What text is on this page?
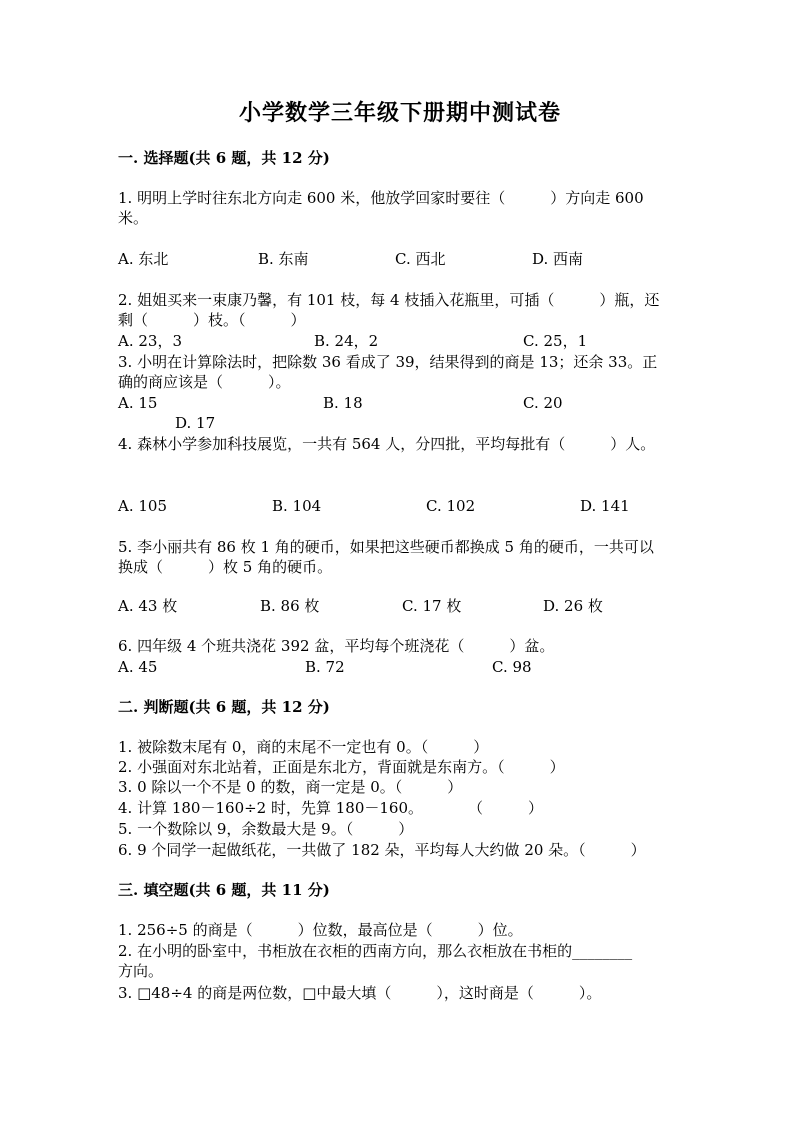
小学数学三年级下册期中测试卷

一. 选择题(共 6 题，共 12 分)

1. 明明上学时往东北方向走 600 米，他放学回家时要往（　　　）方向走 600

米。

A. 东北	B. 东南	C. 西北	D. 西南

2. 姐姐买来一束康乃馨，有 101 枝，每 4 枝插入花瓶里，可插（　　　）瓶，还

剩（　　　）枝。（　　　）

A. 23，3	B. 24，2	C. 25，1

3. 小明在计算除法时，把除数 36 看成了 39，结果得到的商是 13；还余 33。正

确的商应该是（　　　）。

A. 15	B. 18	C. 20
D. 17

4. 森林小学参加科技展览，一共有 564 人，分四批，平均每批有（　　　）人。

A. 105	B. 104	C. 102	D. 141

5. 李小丽共有 86 枚 1 角的硬币，如果把这些硬币都换成 5 角的硬币，一共可以

换成（　　　）枚 5 角的硬币。

A. 43 枚	B. 86 枚	C. 17 枚	D. 26 枚

6. 四年级 4 个班共浇花 392 盆，平均每个班浇花（　　　）盆。

A. 45	B. 72	C. 98

二. 判断题(共 6 题，共 12 分)

1. 被除数末尾有 0，商的末尾不一定也有 0。（　　　）

2. 小强面对东北站着，正面是东北方，背面就是东南方。（　　　）

3. 0 除以一个不是 0 的数，商一定是 0。（　　　）

4. 计算 180－160÷2 时，先算 180－160。　　　　（　　　）

5. 一个数除以 9，余数最大是 9。（　　　）

6. 9 个同学一起做纸花，一共做了 182 朵，平均每人大约做 20 朵。（　　　）

三. 填空题(共 6 题，共 11 分)

1. 256÷5 的商是（　　　）位数，最高位是（　　　）位。

2. 在小明的卧室中，书柜放在衣柜的西南方向，那么衣柜放在书柜的________

方向。

3. □48÷4 的商是两位数，□中最大填（　　　），这时商是（　　　）。
